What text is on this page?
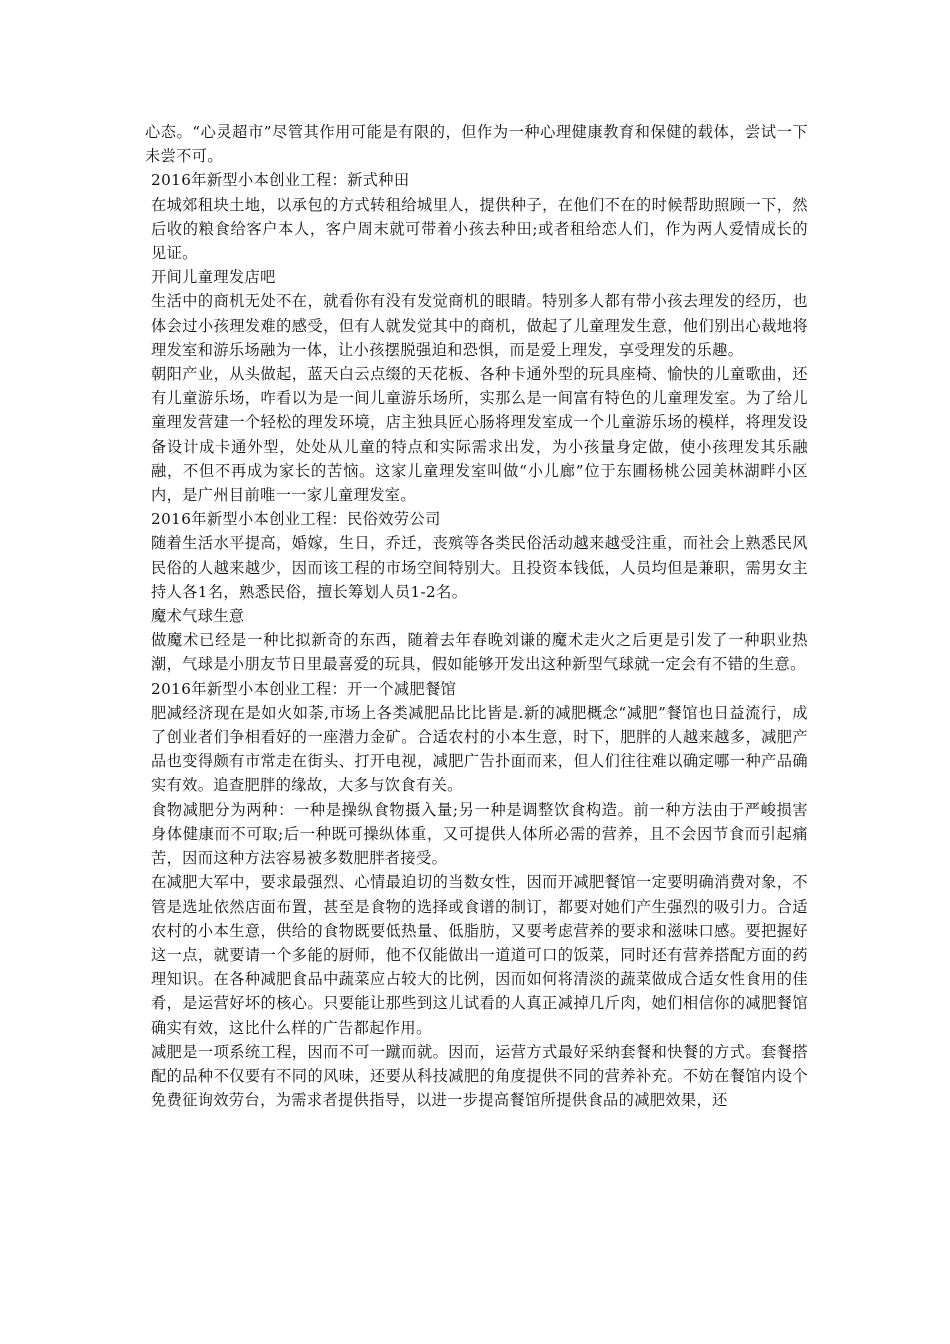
心态。“心灵超市”尽管其作用可能是有限的，但作为一种心理健康教育和保健的载体，尝试一下未尝不可。

2016年新型小本创业工程：新式种田

在城郊租块土地，以承包的方式转租给城里人，提供种子，在他们不在的时候帮助照顾一下，然后收的粮食给客户本人，客户周末就可带着小孩去种田;或者租给恋人们，作为两人爱情成长的见证。

开间儿童理发店吧

生活中的商机无处不在，就看你有没有发觉商机的眼睛。特别多人都有带小孩去理发的经历，也体会过小孩理发难的感受，但有人就发觉其中的商机，做起了儿童理发生意，他们别出心裁地将理发室和游乐场融为一体，让小孩摆脱强迫和恐惧，而是爱上理发，享受理发的乐趣。

朝阳产业，从头做起，蓝天白云点缀的天花板、各种卡通外型的玩具座椅、愉快的儿童歌曲，还有儿童游乐场，咋看以为是一间儿童游乐场所，实那么是一间富有特色的儿童理发室。为了给儿童理发营建一个轻松的理发环境，店主独具匠心肠将理发室成一个儿童游乐场的模样，将理发设备设计成卡通外型，处处从儿童的特点和实际需求出发，为小孩量身定做，使小孩理发其乐融融，不但不再成为家长的苦恼。这家儿童理发室叫做“小儿廊”位于东圃杨桃公园美林湖畔小区内，是广州目前唯一一家儿童理发室。

2016年新型小本创业工程：民俗效劳公司

随着生活水平提高，婚嫁，生日，乔迁，丧殡等各类民俗活动越来越受注重，而社会上熟悉民风民俗的人越来越少，因而该工程的市场空间特别大。且投资本钱低，人员均但是兼职，需男女主持人各1名，熟悉民俗，擅长筹划人员1-2名。

魔术气球生意

做魔术已经是一种比拟新奇的东西，随着去年春晚刘谦的魔术走火之后更是引发了一种职业热潮，气球是小朋友节日里最喜爱的玩具，假如能够开发出这种新型气球就一定会有不错的生意。

2016年新型小本创业工程：开一个减肥餐馆

肥减经济现在是如火如荼,市场上各类减肥品比比皆是.新的减肥概念“减肥”餐馆也日益流行，成了创业者们争相看好的一座潜力金矿。合适农村的小本生意，时下，肥胖的人越来越多，减肥产品也变得颇有市常走在街头、打开电视，减肥广告扑面而来，但人们往往难以确定哪一种产品确实有效。追查肥胖的缘故，大多与饮食有关。

食物减肥分为两种：一种是操纵食物摄入量;另一种是调整饮食构造。前一种方法由于严峻损害身体健康而不可取;后一种既可操纵体重，又可提供人体所必需的营养，且不会因节食而引起痛苦，因而这种方法容易被多数肥胖者接受。

在减肥大军中，要求最强烈、心情最迫切的当数女性，因而开减肥餐馆一定要明确消费对象，不管是选址依然店面布置，甚至是食物的选择或食谱的制订，都要对她们产生强烈的吸引力。合适农村的小本生意，供给的食物既要低热量、低脂肪，又要考虑营养的要求和滋味口感。要把握好这一点，就要请一个多能的厨师，他不仅能做出一道道可口的饭菜，同时还有营养搭配方面的药理知识。在各种减肥食品中蔬菜应占较大的比例，因而如何将清淡的蔬菜做成合适女性食用的佳肴，是运营好坏的核心。只要能让那些到这儿试看的人真正减掉几斤肉，她们相信你的减肥餐馆确实有效，这比什么样的广告都起作用。

减肥是一项系统工程，因而不可一蹴而就。因而，运营方式最好采纳套餐和快餐的方式。套餐搭配的品种不仅要有不同的风味，还要从科技减肥的角度提供不同的营养补充。不妨在餐馆内设个免费征询效劳台，为需求者提供指导，以进一步提高餐馆所提供食品的减肥效果，还
